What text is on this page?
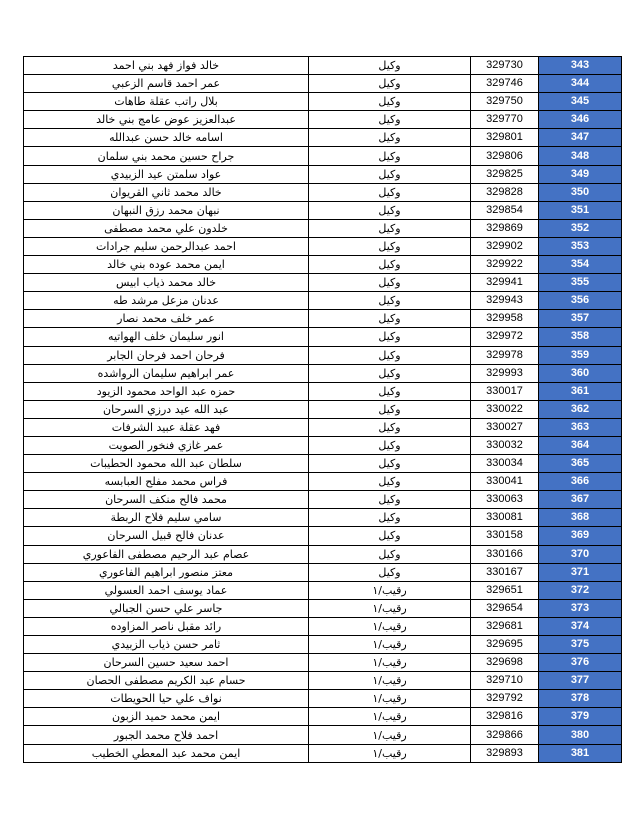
خالد فواز فهد بني احمد	وكيل	329730	343
عمر احمد قاسم الزعبي	وكيل	329746	344
بلال راتب عقلة طاهات	وكيل	329750	345
عبدالعزيز عوض عامج بني خالد	وكيل	329770	346
اسامه خالد حسن عبدالله	وكيل	329801	347
جراح حسين محمد بني سلمان	وكيل	329806	348
عواد سلمتن عيد الزبيدي	وكيل	329825	349
خالد محمد ثاني القريوان	وكيل	329828	350
نبهان محمد رزق النبهان	وكيل	329854	351
خلدون علي محمد مصطفى	وكيل	329869	352
احمد عبدالرحمن سليم جرادات	وكيل	329902	353
ايمن محمد عوده بني خالد	وكيل	329922	354
خالد محمد ذياب ابيس	وكيل	329941	355
عدنان مزعل مرشد طه	وكيل	329943	356
عمر خلف محمد نصار	وكيل	329958	357
انور سليمان خلف الهواتيه	وكيل	329972	358
فرحان احمد فرحان الجابر	وكيل	329978	359
عمر ابراهيم سليمان الرواشده	وكيل	329993	360
حمزه عبد الواحد محمود الزيود	وكيل	330017	361
عبد الله عيد درزي السرحان	وكيل	330022	362
فهد عقلة عبيد الشرفات	وكيل	330027	363
عمر غازي فنخور الصويت	وكيل	330032	364
سلطان عبد الله محمود الحطيبات	وكيل	330034	365
فراس محمد مفلح العبابسه	وكيل	330041	366
محمد فالح منكف السرحان	وكيل	330063	367
سامي سليم فلاح الربطة	وكيل	330081	368
عدنان فالح قبيل السرحان	وكيل	330158	369
عصام عبد الرحيم مصطفى الفاعوري	وكيل	330166	370
معتز منصور ابراهيم الفاعوري	وكيل	330167	371
عماد يوسف احمد العسولي	رقيب/١	329651	372
جاسر علي حسن الجبالي	رقيب/١	329654	373
رائد مقبل ناصر المزاوده	رقيب/١	329681	374
ثامر حسن ذياب الزبيدي	رقيب/١	329695	375
احمد سعيد حسين السرحان	رقيب/١	329698	376
حسام عبد الكريم مصطفى الحصان	رقيب/١	329710	377
نواف علي حيا الحويطات	رقيب/١	329792	378
ايمن محمد حميد الزبون	رقيب/١	329816	379
احمد فلاح محمد الجبور	رقيب/١	329866	380
ايمن محمد عبد المعطي الخطيب	رقيب/١	329893	381
